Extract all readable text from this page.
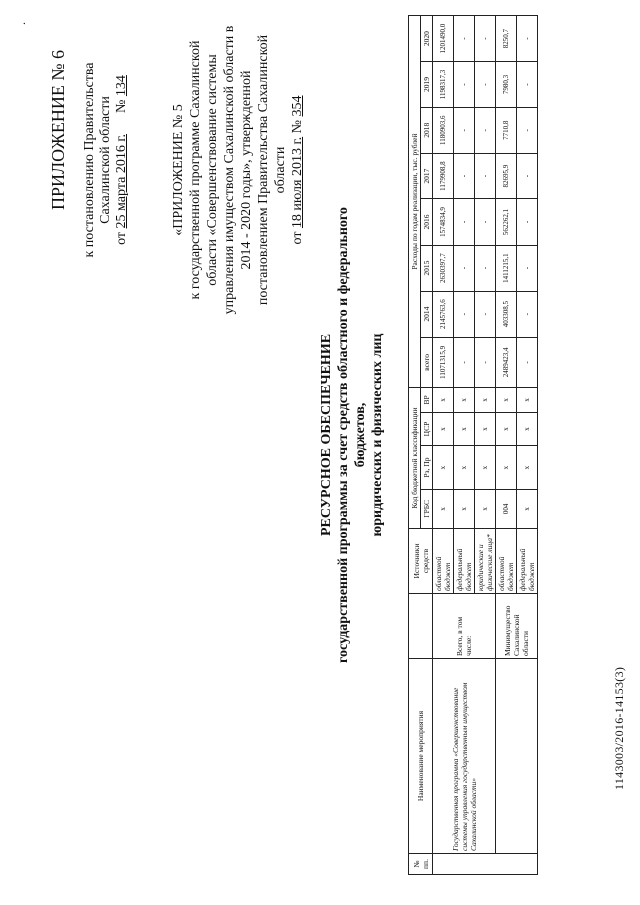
.
ПРИЛОЖЕНИЕ № 6 к постановлению Правительства Сахалинской области
от 25 марта 2016 г.      № 134
«ПРИЛОЖЕНИЕ № 5 к государственной программе Сахалинской области «Совершенствование системы управления имуществом Сахалинской области в 2014 - 2020 годы», утвержденной постановлением Правительства Сахалинской области
от 18 июля 2013 г. № 354
РЕСУРСНОЕ ОБЕСПЕЧЕНИЕ государственной программы за счет средств областного и федерального бюджетов, юридических и физических лиц
№ пп.	Наименование мероприятия		Источники средств	Код бюджетной классификации				Расходы по годам реализации, тыс. рублей							
				ГРБС	Рз, Пр	ЦСР	ВР	всего	2014	2015	2016	2017	2018	2019	2020

	Государственная программа «Совершенствование системы управления государственным имуществом Сахалинской области»	Всего, в том числе:	областной бюджет	х	х	х	х	11071315,9	2145763,6	2630397,7	1574834,9	1179908,8	1180903,6	1198317,3	1201490,0
			федеральный бюджет	х	х	х	х	-	-	-	-	-	-	-	-
			юридические и физические лица*	х	х	х	х	-	-	-	-	-	-	-	-
		Минимущество Сахалинской области	областной бюджет	004	х	х	х	2489423,4	403308,5	1411215,1	562262,1	82695,9	7710,8	7980,3	8250,7
			федеральный бюджет	х	х	х	х	-	-	-	-	-	-	-	-
1143003/2016-14153(3)
